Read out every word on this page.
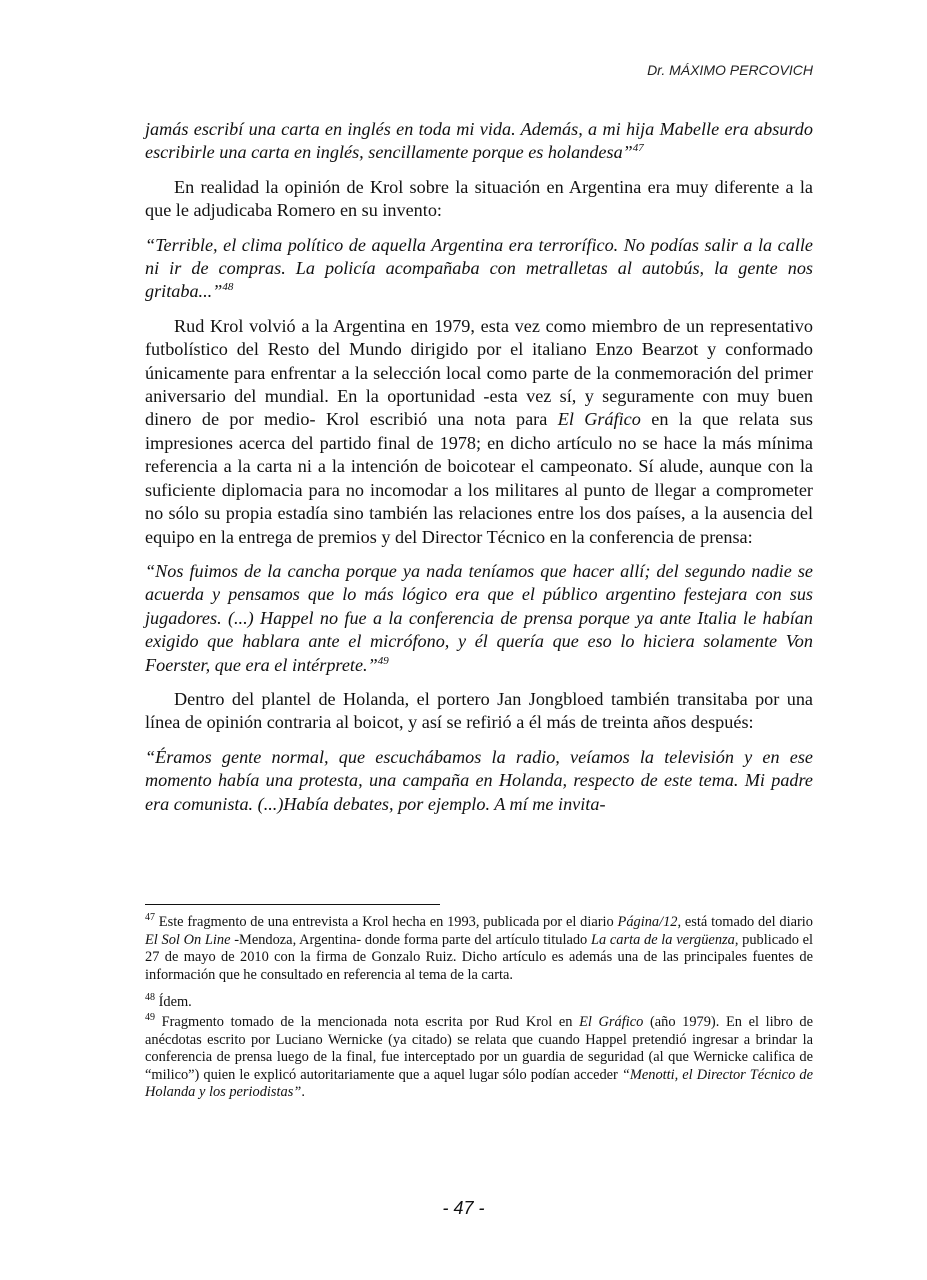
Dr. MÁXIMO PERCOVICH

jamás escribí una carta en inglés en toda mi vida. Además, a mi hija Mabelle era absurdo escribirle una carta en inglés, sencillamente porque es holandesa”$^{47}$

En realidad la opinión de Krol sobre la situación en Argentina era muy diferente a la que le adjudicaba Romero en su invento:

“Terrible, el clima político de aquella Argentina era terrorífico. No podías salir a la calle ni ir de compras. La policía acompañaba con metralletas al autobús, la gente nos gritaba...”$^{48}$

Rud Krol volvió a la Argentina en 1979, esta vez como miembro de un representativo futbolístico del Resto del Mundo dirigido por el italiano Enzo Bearzot y conformado únicamente para enfrentar a la selección local como parte de la conmemoración del primer aniversario del mundial. En la oportunidad -esta vez sí, y seguramente con muy buen dinero de por medio- Krol escribió una nota para El Gráfico en la que relata sus impresiones acerca del partido final de 1978; en dicho artículo no se hace la más mínima referencia a la carta ni a la intención de boicotear el campeonato. Sí alude, aunque con la suficiente diplomacia para no incomodar a los militares al punto de llegar a comprometer no sólo su propia estadía sino también las relaciones entre los dos países, a la ausencia del equipo en la entrega de premios y del Director Técnico en la conferencia de prensa:

“Nos fuimos de la cancha porque ya nada teníamos que hacer allí; del segundo nadie se acuerda y pensamos que lo más lógico era que el público argentino festejara con sus jugadores. (...) Happel no fue a la conferencia de prensa porque ya ante Italia le habían exigido que hablara ante el micrófono, y él quería que eso lo hiciera solamente Von Foerster, que era el intérprete.”$^{49}$

Dentro del plantel de Holanda, el portero Jan Jongbloed también transitaba por una línea de opinión contraria al boicot, y así se refirió a él más de treinta años después:

“Éramos gente normal, que escuchábamos la radio, veíamos la televisión y en ese momento había una protesta, una campaña en Holanda, respecto de este tema. Mi padre era comunista. (...)Había debates, por ejemplo. A mí me invita-

$^{47}$ Este fragmento de una entrevista a Krol hecha en 1993, publicada por el diario Página/12, está tomado del diario El Sol On Line -Mendoza, Argentina- donde forma parte del artículo titulado La carta de la vergüenza, publicado el 27 de mayo de 2010 con la firma de Gonzalo Ruiz. Dicho artículo es además una de las principales fuentes de información que he consultado en referencia al tema de la carta.

$^{48}$ Ídem.

$^{49}$ Fragmento tomado de la mencionada nota escrita por Rud Krol en El Gráfico (año 1979). En el libro de anécdotas escrito por Luciano Wernicke (ya citado) se relata que cuando Happel pretendió ingresar a brindar la conferencia de prensa luego de la final, fue interceptado por un guardia de seguridad (al que Wernicke califica de “milico”) quien le explicó autoritariamente que a aquel lugar sólo podían acceder “Menotti, el Director Técnico de Holanda y los periodistas”.

- 47 -
